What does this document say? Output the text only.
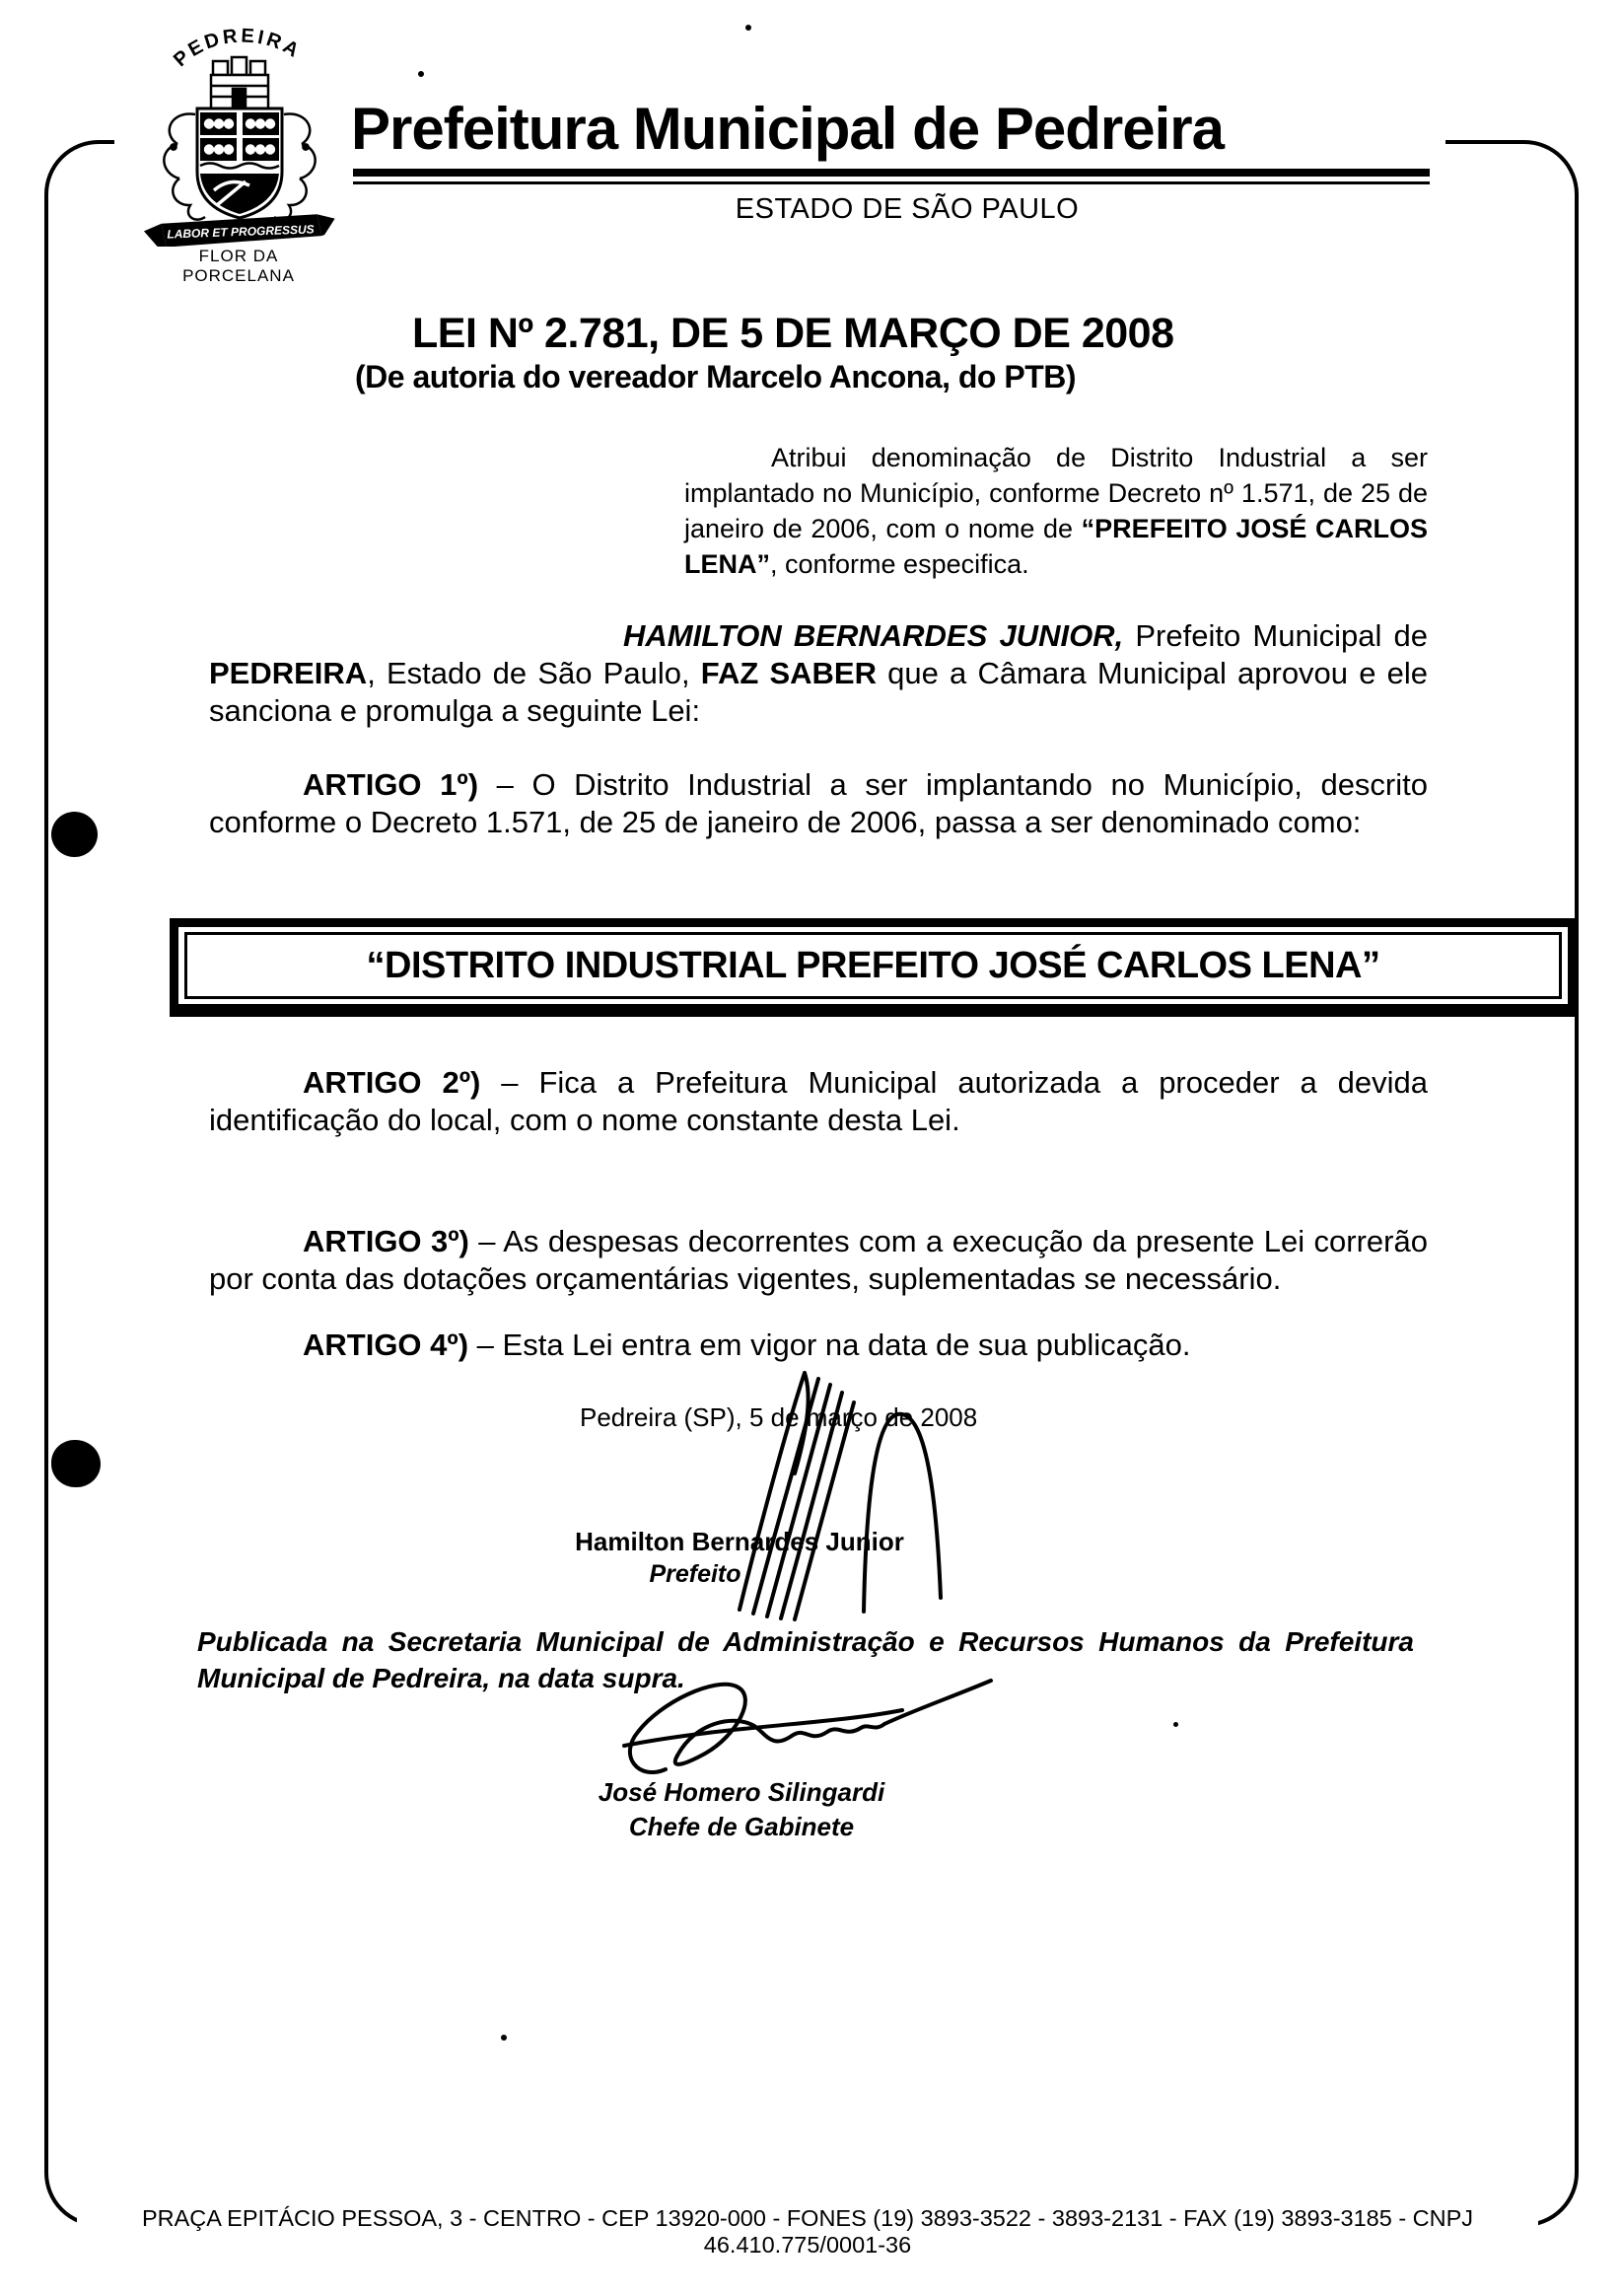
PEDREIRA
LABOR ET PROGRESSUS
FLOR DA
PORCELANA
Prefeitura Municipal de Pedreira
ESTADO DE SÃO PAULO
LEI Nº 2.781, DE 5 DE MARÇO DE 2008
(De autoria do vereador Marcelo Ancona, do PTB)

Atribui denominação de Distrito Industrial a ser implantado no Município, conforme Decreto nº 1.571, de 25 de janeiro de 2006, com o nome de “PREFEITO JOSÉ CARLOS LENA”, conforme especifica.

HAMILTON BERNARDES JUNIOR, Prefeito Municipal de PEDREIRA, Estado de São Paulo, FAZ SABER que a Câmara Municipal aprovou e ele sanciona e promulga a seguinte Lei:

ARTIGO 1º) – O Distrito Industrial a ser implantando no Município, descrito conforme o Decreto 1.571, de 25 de janeiro de 2006, passa a ser denominado como:

“DISTRITO INDUSTRIAL PREFEITO JOSÉ CARLOS LENA”

ARTIGO 2º) – Fica a Prefeitura Municipal autorizada a proceder a devida identificação do local, com o nome constante desta Lei.

ARTIGO 3º) – As despesas decorrentes com a execução da presente Lei correrão por conta das dotações orçamentárias vigentes, suplementadas se necessário.

ARTIGO 4º) – Esta Lei entra em vigor na data de sua publicação.

Pedreira (SP), 5 de março de 2008
Hamilton Bernardes Junior
Prefeito

Publicada na Secretaria Municipal de Administração e Recursos Humanos da Prefeitura Municipal de Pedreira, na data supra.

José Homero Silingardi
Chefe de Gabinete
PRAÇA EPITÁCIO PESSOA, 3 - CENTRO - CEP 13920-000 - FONES (19) 3893-3522 - 3893-2131 - FAX (19) 3893-3185 - CNPJ 46.410.775/0001-36
